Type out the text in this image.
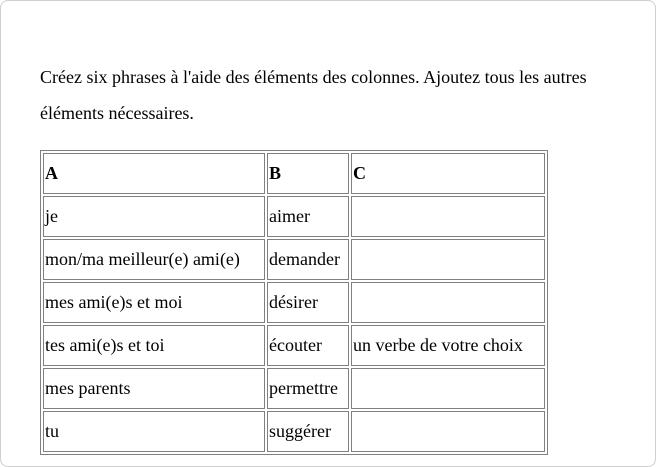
Créez six phrases à l'aide des éléments des colonnes. Ajoutez tous les autres éléments nécessaires.

A	B	C
je	aimer	
mon/ma meilleur(e) ami(e)	demander	
mes ami(e)s et moi	désirer	
tes ami(e)s et toi	écouter	un verbe de votre choix
mes parents	permettre	
tu	suggérer	
